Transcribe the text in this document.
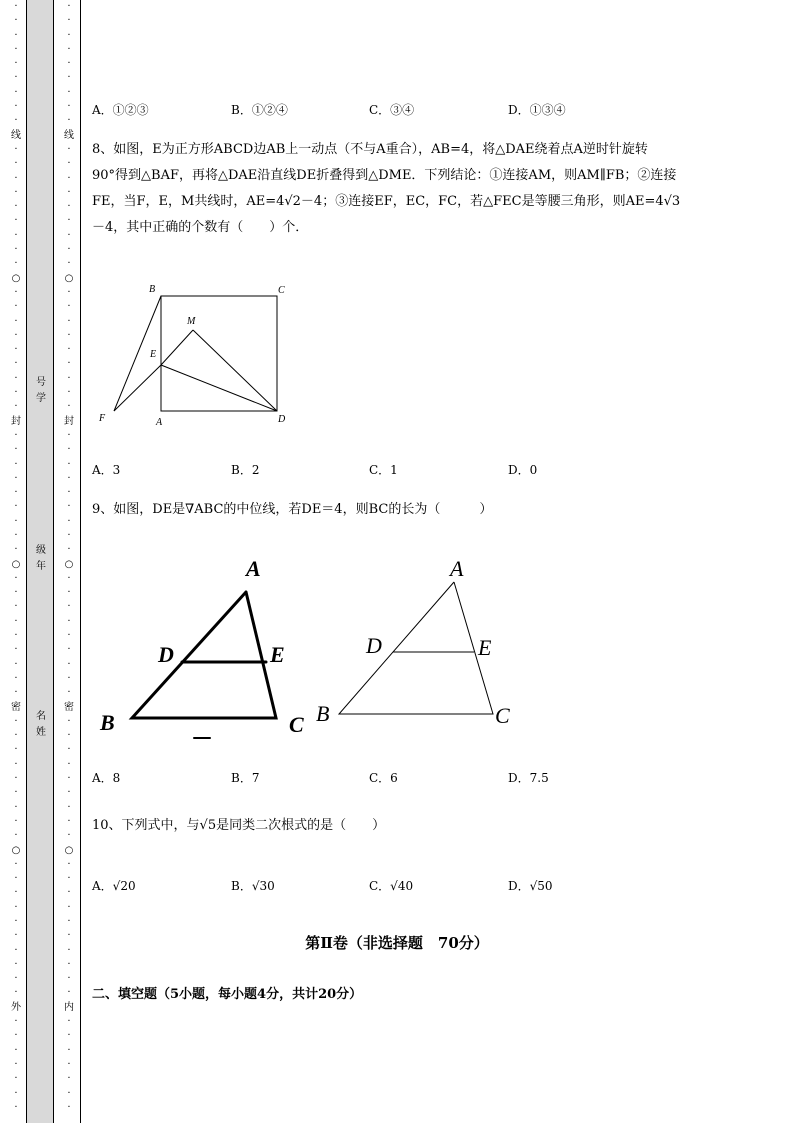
·
·
·
·
·
·
·
·
·
线
·
·
·
·
·
·
·
·
·
○
·
·
·
·
·
·
·
·
·
封
·
·
·
·
·
·
·
·
·
○
·
·
·
·
·
·
·
·
·
密
·
·
·
·
·
·
·
·
·
○
·
·
·
·
·
·
·
·
·
·
外
·
·
·
·
·
·
·
·
·
·
·
·
·
·
·
·
线
·
·
·
·
·
·
·
·
·
○
·
·
·
·
·
·
·
·
·
封
·
·
·
·
·
·
·
·
·
○
·
·
·
·
·
·
·
·
·
密
·
·
·
·
·
·
·
·
·
○
·
·
·
·
·
·
·
·
·
·
内
·
·
·
·
·
·
·
号
学
级
年
名
姓
A．①②③	B．①②④	C．③④	D．①③④
8、如图，E为正方形ABCD边AB上一动点（不与A重合），AB=4，将△DAE绕着点A逆时针旋转
90°得到△BAF，再将△DAE沿直线DE折叠得到△DME．下列结论：①连接AM，则AM∥FB；②连接
FE，当F，E，M共线时，AE=4√2－4；③连接EF，EC，FC，若△FEC是等腰三角形，则AE=4√3
－4，其中正确的个数有（　　）个．
B	C
M
E
F	A	D
A．3	B．2	C．1	D．0
9、如图，DE是∇ABC的中位线，若DE＝4，则BC的长为（　　　）
A
D	E
B	C
A
D	E
B	C
A．8	B．7	C．6	D．7.5
10、下列式中，与√5是同类二次根式的是（　　）
A．√20	B．√30	C．√40	D．√50
第Ⅱ卷（非选择题　70分）
二、填空题（5小题，每小题4分，共计20分）
